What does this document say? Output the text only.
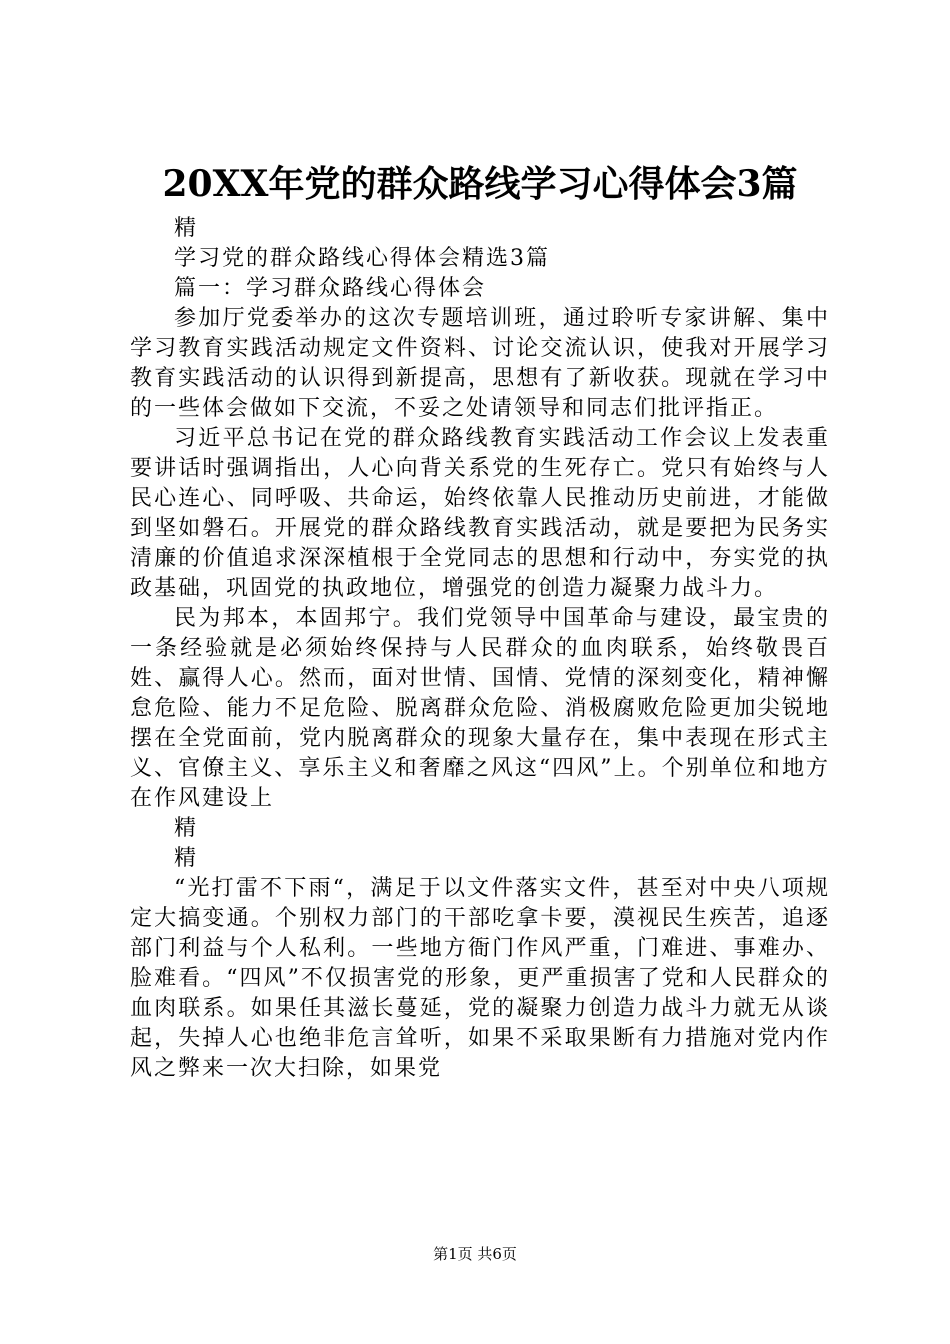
20XX年党的群众路线学习心得体会3篇

精

学习党的群众路线心得体会精选3篇

篇一：学习群众路线心得体会

参加厅党委举办的这次专题培训班，通过聆听专家讲解、集中学习教育实践活动规定文件资料、讨论交流认识，使我对开展学习教育实践活动的认识得到新提高，思想有了新收获。现就在学习中的一些体会做如下交流，不妥之处请领导和同志们批评指正。

习近平总书记在党的群众路线教育实践活动工作会议上发表重要讲话时强调指出，人心向背关系党的生死存亡。党只有始终与人民心连心、同呼吸、共命运，始终依靠人民推动历史前进，才能做到坚如磐石。开展党的群众路线教育实践活动，就是要把为民务实清廉的价值追求深深植根于全党同志的思想和行动中，夯实党的执政基础，巩固党的执政地位，增强党的创造力凝聚力战斗力。

民为邦本，本固邦宁。我们党领导中国革命与建设，最宝贵的一条经验就是必须始终保持与人民群众的血肉联系，始终敬畏百姓、赢得人心。然而，面对世情、国情、党情的深刻变化，精神懈怠危险、能力不足危险、脱离群众危险、消极腐败危险更加尖锐地摆在全党面前，党内脱离群众的现象大量存在，集中表现在形式主义、官僚主义、享乐主义和奢靡之风这“四风”上。个别单位和地方在作风建设上

精

精

“光打雷不下雨“，满足于以文件落实文件，甚至对中央八项规定大搞变通。个别权力部门的干部吃拿卡要，漠视民生疾苦，追逐部门利益与个人私利。一些地方衙门作风严重，门难进、事难办、脸难看。“四风”不仅损害党的形象，更严重损害了党和人民群众的血肉联系。如果任其滋长蔓延，党的凝聚力创造力战斗力就无从谈起，失掉人心也绝非危言耸听，如果不采取果断有力措施对党内作风之弊来一次大扫除，如果党

第1页 共6页
